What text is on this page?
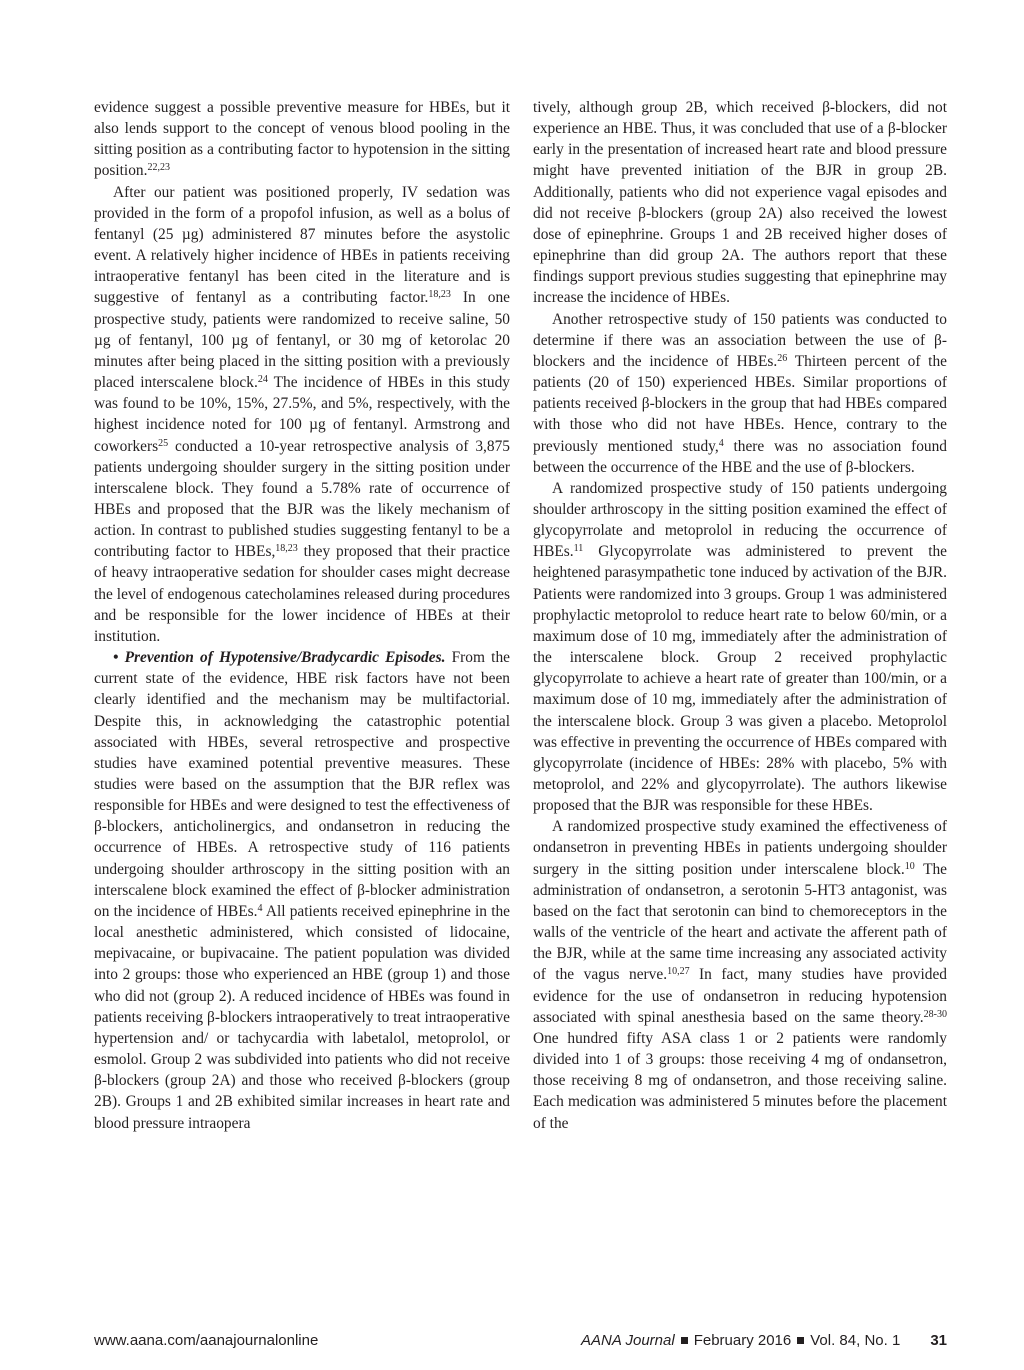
evidence suggest a possible preventive measure for HBEs, but it also lends support to the concept of venous blood pooling in the sitting position as a contributing factor to hypotension in the sitting position.$^{22,23}$

After our patient was positioned properly, IV sedation was provided in the form of a propofol infusion, as well as a bolus of fentanyl (25 µg) administered 87 minutes before the asystolic event. A relatively higher incidence of HBEs in patients receiving intraoperative fentanyl has been cited in the literature and is suggestive of fentanyl as a contributing factor.$^{18,23}$ In one prospective study, patients were randomized to receive saline, 50 µg of fentanyl, 100 µg of fentanyl, or 30 mg of ketorolac 20 minutes after being placed in the sitting position with a previously placed interscalene block.$^{24}$ The incidence of HBEs in this study was found to be 10%, 15%, 27.5%, and 5%, respectively, with the highest incidence noted for 100 µg of fentanyl. Armstrong and coworkers$^{25}$ conducted a 10-year retrospective analysis of 3,875 patients undergoing shoulder surgery in the sitting position under interscalene block. They found a 5.78% rate of occurrence of HBEs and proposed that the BJR was the likely mechanism of action. In contrast to published studies suggesting fentanyl to be a contributing factor to HBEs,$^{18,23}$ they proposed that their practice of heavy intraoperative sedation for shoulder cases might decrease the level of endogenous catecholamines released during procedures and be responsible for the lower incidence of HBEs at their institution.

• Prevention of Hypotensive/Bradycardic Episodes. From the current state of the evidence, HBE risk factors have not been clearly identified and the mechanism may be multifactorial. Despite this, in acknowledging the catastrophic potential associated with HBEs, several retrospective and prospective studies have examined potential preventive measures. These studies were based on the assumption that the BJR reflex was responsible for HBEs and were designed to test the effectiveness of β-blockers, anticholinergics, and ondansetron in reducing the occurrence of HBEs. A retrospective study of 116 patients undergoing shoulder arthroscopy in the sitting position with an interscalene block examined the effect of β-blocker administration on the incidence of HBEs.$^4$ All patients received epinephrine in the local anesthetic administered, which consisted of lidocaine, mepivacaine, or bupivacaine. The patient population was divided into 2 groups: those who experienced an HBE (group 1) and those who did not (group 2). A reduced incidence of HBEs was found in patients receiving β-blockers intraoperatively to treat intraoperative hypertension and/ or tachycardia with labetalol, metoprolol, or esmolol. Group 2 was subdivided into patients who did not receive β-blockers (group 2A) and those who received β-blockers (group 2B). Groups 1 and 2B exhibited similar increases in heart rate and blood pressure intraopera

tively, although group 2B, which received β-blockers, did not experience an HBE. Thus, it was concluded that use of a β-blocker early in the presentation of increased heart rate and blood pressure might have prevented initiation of the BJR in group 2B. Additionally, patients who did not experience vagal episodes and did not receive β-blockers (group 2A) also received the lowest dose of epinephrine. Groups 1 and 2B received higher doses of epinephrine than did group 2A. The authors report that these findings support previous studies suggesting that epinephrine may increase the incidence of HBEs.

Another retrospective study of 150 patients was conducted to determine if there was an association between the use of β-blockers and the incidence of HBEs.$^{26}$ Thirteen percent of the patients (20 of 150) experienced HBEs. Similar proportions of patients received β-blockers in the group that had HBEs compared with those who did not have HBEs. Hence, contrary to the previously mentioned study,$^4$ there was no association found between the occurrence of the HBE and the use of β-blockers.

A randomized prospective study of 150 patients undergoing shoulder arthroscopy in the sitting position examined the effect of glycopyrrolate and metoprolol in reducing the occurrence of HBEs.$^{11}$ Glycopyrrolate was administered to prevent the heightened parasympathetic tone induced by activation of the BJR. Patients were randomized into 3 groups. Group 1 was administered prophylactic metoprolol to reduce heart rate to below 60/min, or a maximum dose of 10 mg, immediately after the administration of the interscalene block. Group 2 received prophylactic glycopyrrolate to achieve a heart rate of greater than 100/min, or a maximum dose of 10 mg, immediately after the administration of the interscalene block. Group 3 was given a placebo. Metoprolol was effective in preventing the occurrence of HBEs compared with glycopyrrolate (incidence of HBEs: 28% with placebo, 5% with metoprolol, and 22% and glycopyrrolate). The authors likewise proposed that the BJR was responsible for these HBEs.

A randomized prospective study examined the effectiveness of ondansetron in preventing HBEs in patients undergoing shoulder surgery in the sitting position under interscalene block.$^{10}$ The administration of ondansetron, a serotonin 5-HT3 antagonist, was based on the fact that serotonin can bind to chemoreceptors in the walls of the ventricle of the heart and activate the afferent path of the BJR, while at the same time increasing any associated activity of the vagus nerve.$^{10,27}$ In fact, many studies have provided evidence for the use of ondansetron in reducing hypotension associated with spinal anesthesia based on the same theory.$^{28-30}$ One hundred fifty ASA class 1 or 2 patients were randomly divided into 1 of 3 groups: those receiving 4 mg of ondansetron, those receiving 8 mg of ondansetron, and those receiving saline. Each medication was administered 5 minutes before the placement of the

www.aana.com/aanajournalonline	AANA Journal February 2016 Vol. 84, No. 1 31
